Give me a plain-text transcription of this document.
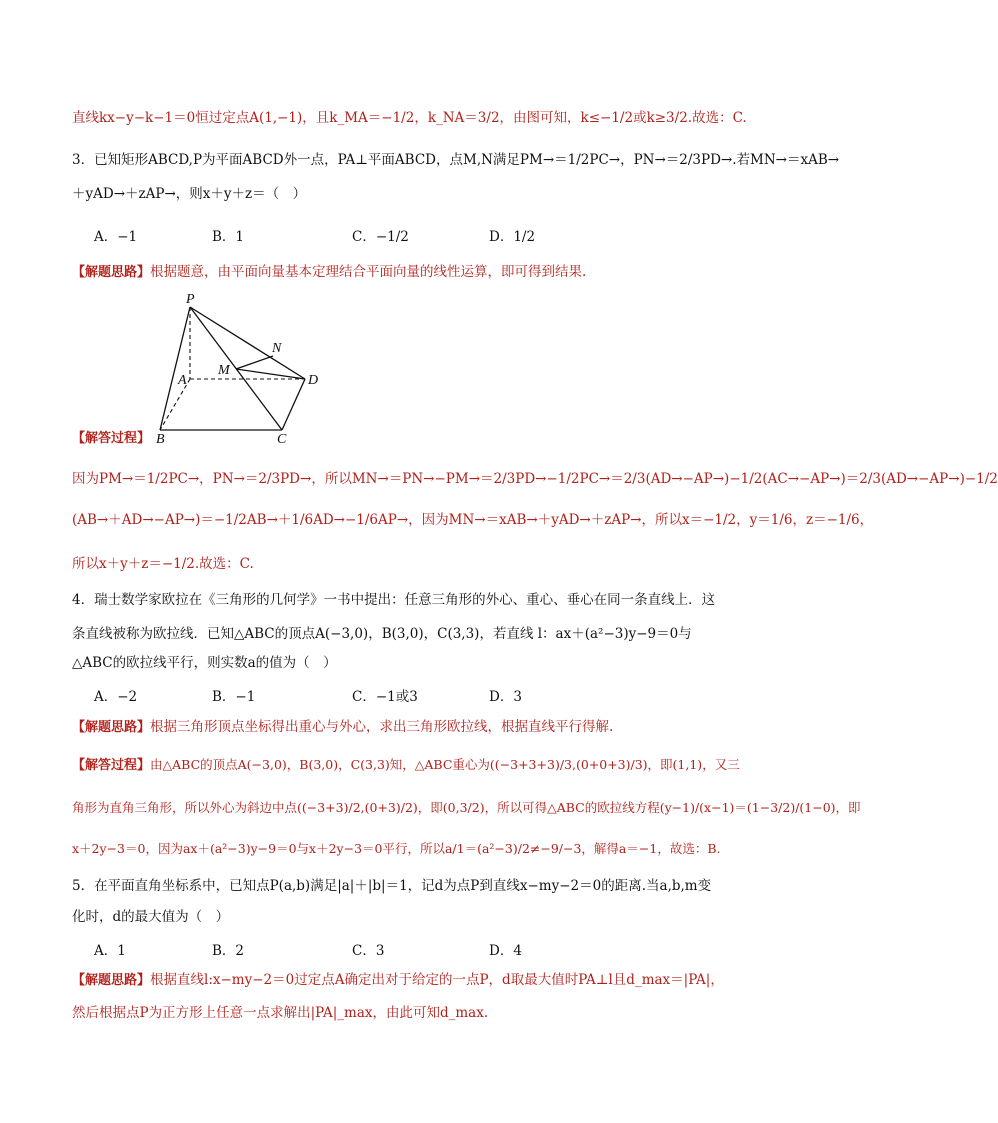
直线kx−y−k−1＝0恒过定点A(1,−1)，且k_MA＝−1/2，k_NA＝3/2，由图可知，k≤−1/2或k≥3/2.故选：C.
3．已知矩形ABCD,P为平面ABCD外一点，PA⊥平面ABCD，点M,N满足PM→＝1/2PC→，PN→＝2/3PD→.若MN→＝xAB→
＋yAD→＋zAP→，则x＋y＋z＝（　）
A．−1	B．1	C．−1/2	D．1/2
【解题思路】根据题意，由平面向量基本定理结合平面向量的线性运算，即可得到结果.
P
N
M
A	D
B	C
【解答过程】
因为PM→＝1/2PC→，PN→＝2/3PD→，所以MN→＝PN→−PM→＝2/3PD→−1/2PC→＝2/3(AD→−AP→)−1/2(AC→−AP→)＝2/3(AD→−AP→)−1/2
(AB→＋AD→−AP→)＝−1/2AB→＋1/6AD→−1/6AP→，因为MN→＝xAB→＋yAD→＋zAP→，所以x＝−1/2，y＝1/6，z＝−1/6，
所以x＋y＋z＝−1/2.故选：C.
4．瑞士数学家欧拉在《三角形的几何学》一书中提出：任意三角形的外心、重心、垂心在同一条直线上．这
条直线被称为欧拉线．已知△ABC的顶点A(−3,0)，B(3,0)，C(3,3)，若直线 l：ax＋(a²−3)y−9＝0与
△ABC的欧拉线平行，则实数a的值为（　）
A．−2	B．−1	C．−1或3	D．3
【解题思路】根据三角形顶点坐标得出重心与外心，求出三角形欧拉线，根据直线平行得解.
【解答过程】由△ABC的顶点A(−3,0)，B(3,0)，C(3,3)知，△ABC重心为((−3+3+3)/3,(0+0+3)/3)，即(1,1)，又三
角形为直角三角形，所以外心为斜边中点((−3+3)/2,(0+3)/2)，即(0,3/2)，所以可得△ABC的欧拉线方程(y−1)/(x−1)＝(1−3/2)/(1−0)，即
x＋2y−3＝0，因为ax＋(a²−3)y−9＝0与x＋2y−3＝0平行，所以a/1＝(a²−3)/2≠−9/−3，解得a＝−1，故选：B.
5．在平面直角坐标系中，已知点P(a,b)满足|a|＋|b|＝1，记d为点P到直线x−my−2＝0的距离.当a,b,m变
化时，d的最大值为（　）
A．1	B．2	C．3	D．4
【解题思路】根据直线l:x−my−2＝0过定点A确定出对于给定的一点P，d取最大值时PA⊥l且d_max＝|PA|，
然后根据点P为正方形上任意一点求解出|PA|_max，由此可知d_max.
